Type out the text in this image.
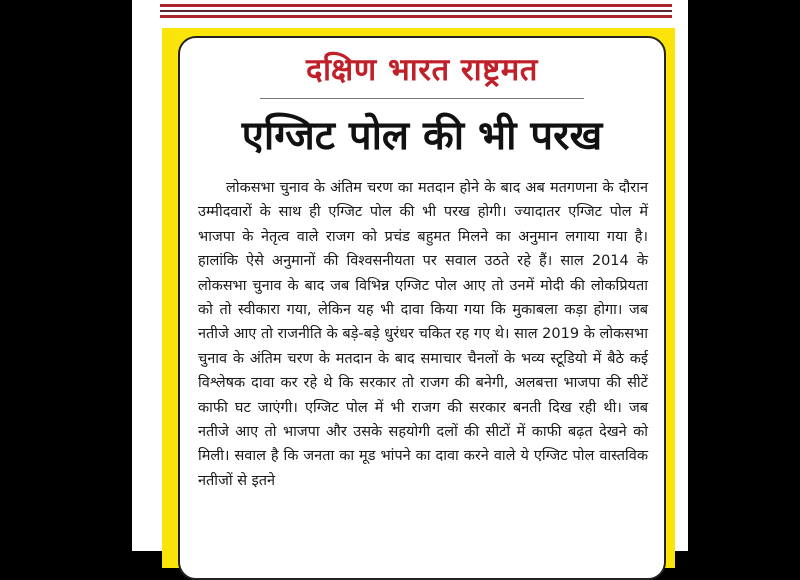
दक्षिण भारत राष्ट्रमत
एग्जिट पोल की भी परख

लोकसभा चुनाव के अंतिम चरण का मतदान होने के बाद अब मतगणना के दौरान उम्मीदवारों के साथ ही एग्जिट पोल की भी परख होगी। ज्यादातर एग्जिट पोल में भाजपा के नेतृत्व वाले राजग को प्रचंड बहुमत मिलने का अनुमान लगाया गया है। हालांकि ऐसे अनुमानों की विश्वसनीयता पर सवाल उठते रहे हैं। साल 2014 के लोकसभा चुनाव के बाद जब विभिन्न एग्जिट पोल आए तो उनमें मोदी की लोकप्रियता को तो स्वीकारा गया, लेकिन यह भी दावा किया गया कि मुकाबला कड़ा होगा। जब नतीजे आए तो राजनीति के बड़े-बड़े धुरंधर चकित रह गए थे। साल 2019 के लोकसभा चुनाव के अंतिम चरण के मतदान के बाद समाचार चैनलों के भव्य स्टूडियो में बैठे कई विश्लेषक दावा कर रहे थे कि सरकार तो राजग की बनेगी, अलबत्ता भाजपा की सीटें काफी घट जाएंगी। एग्जिट पोल में भी राजग की सरकार बनती दिख रही थी। जब नतीजे आए तो भाजपा और उसके सहयोगी दलों की सीटों में काफी बढ़त देखने को मिली। सवाल है कि जनता का मूड भांपने का दावा करने वाले ये एग्जिट पोल वास्तविक नतीजों से इतने
